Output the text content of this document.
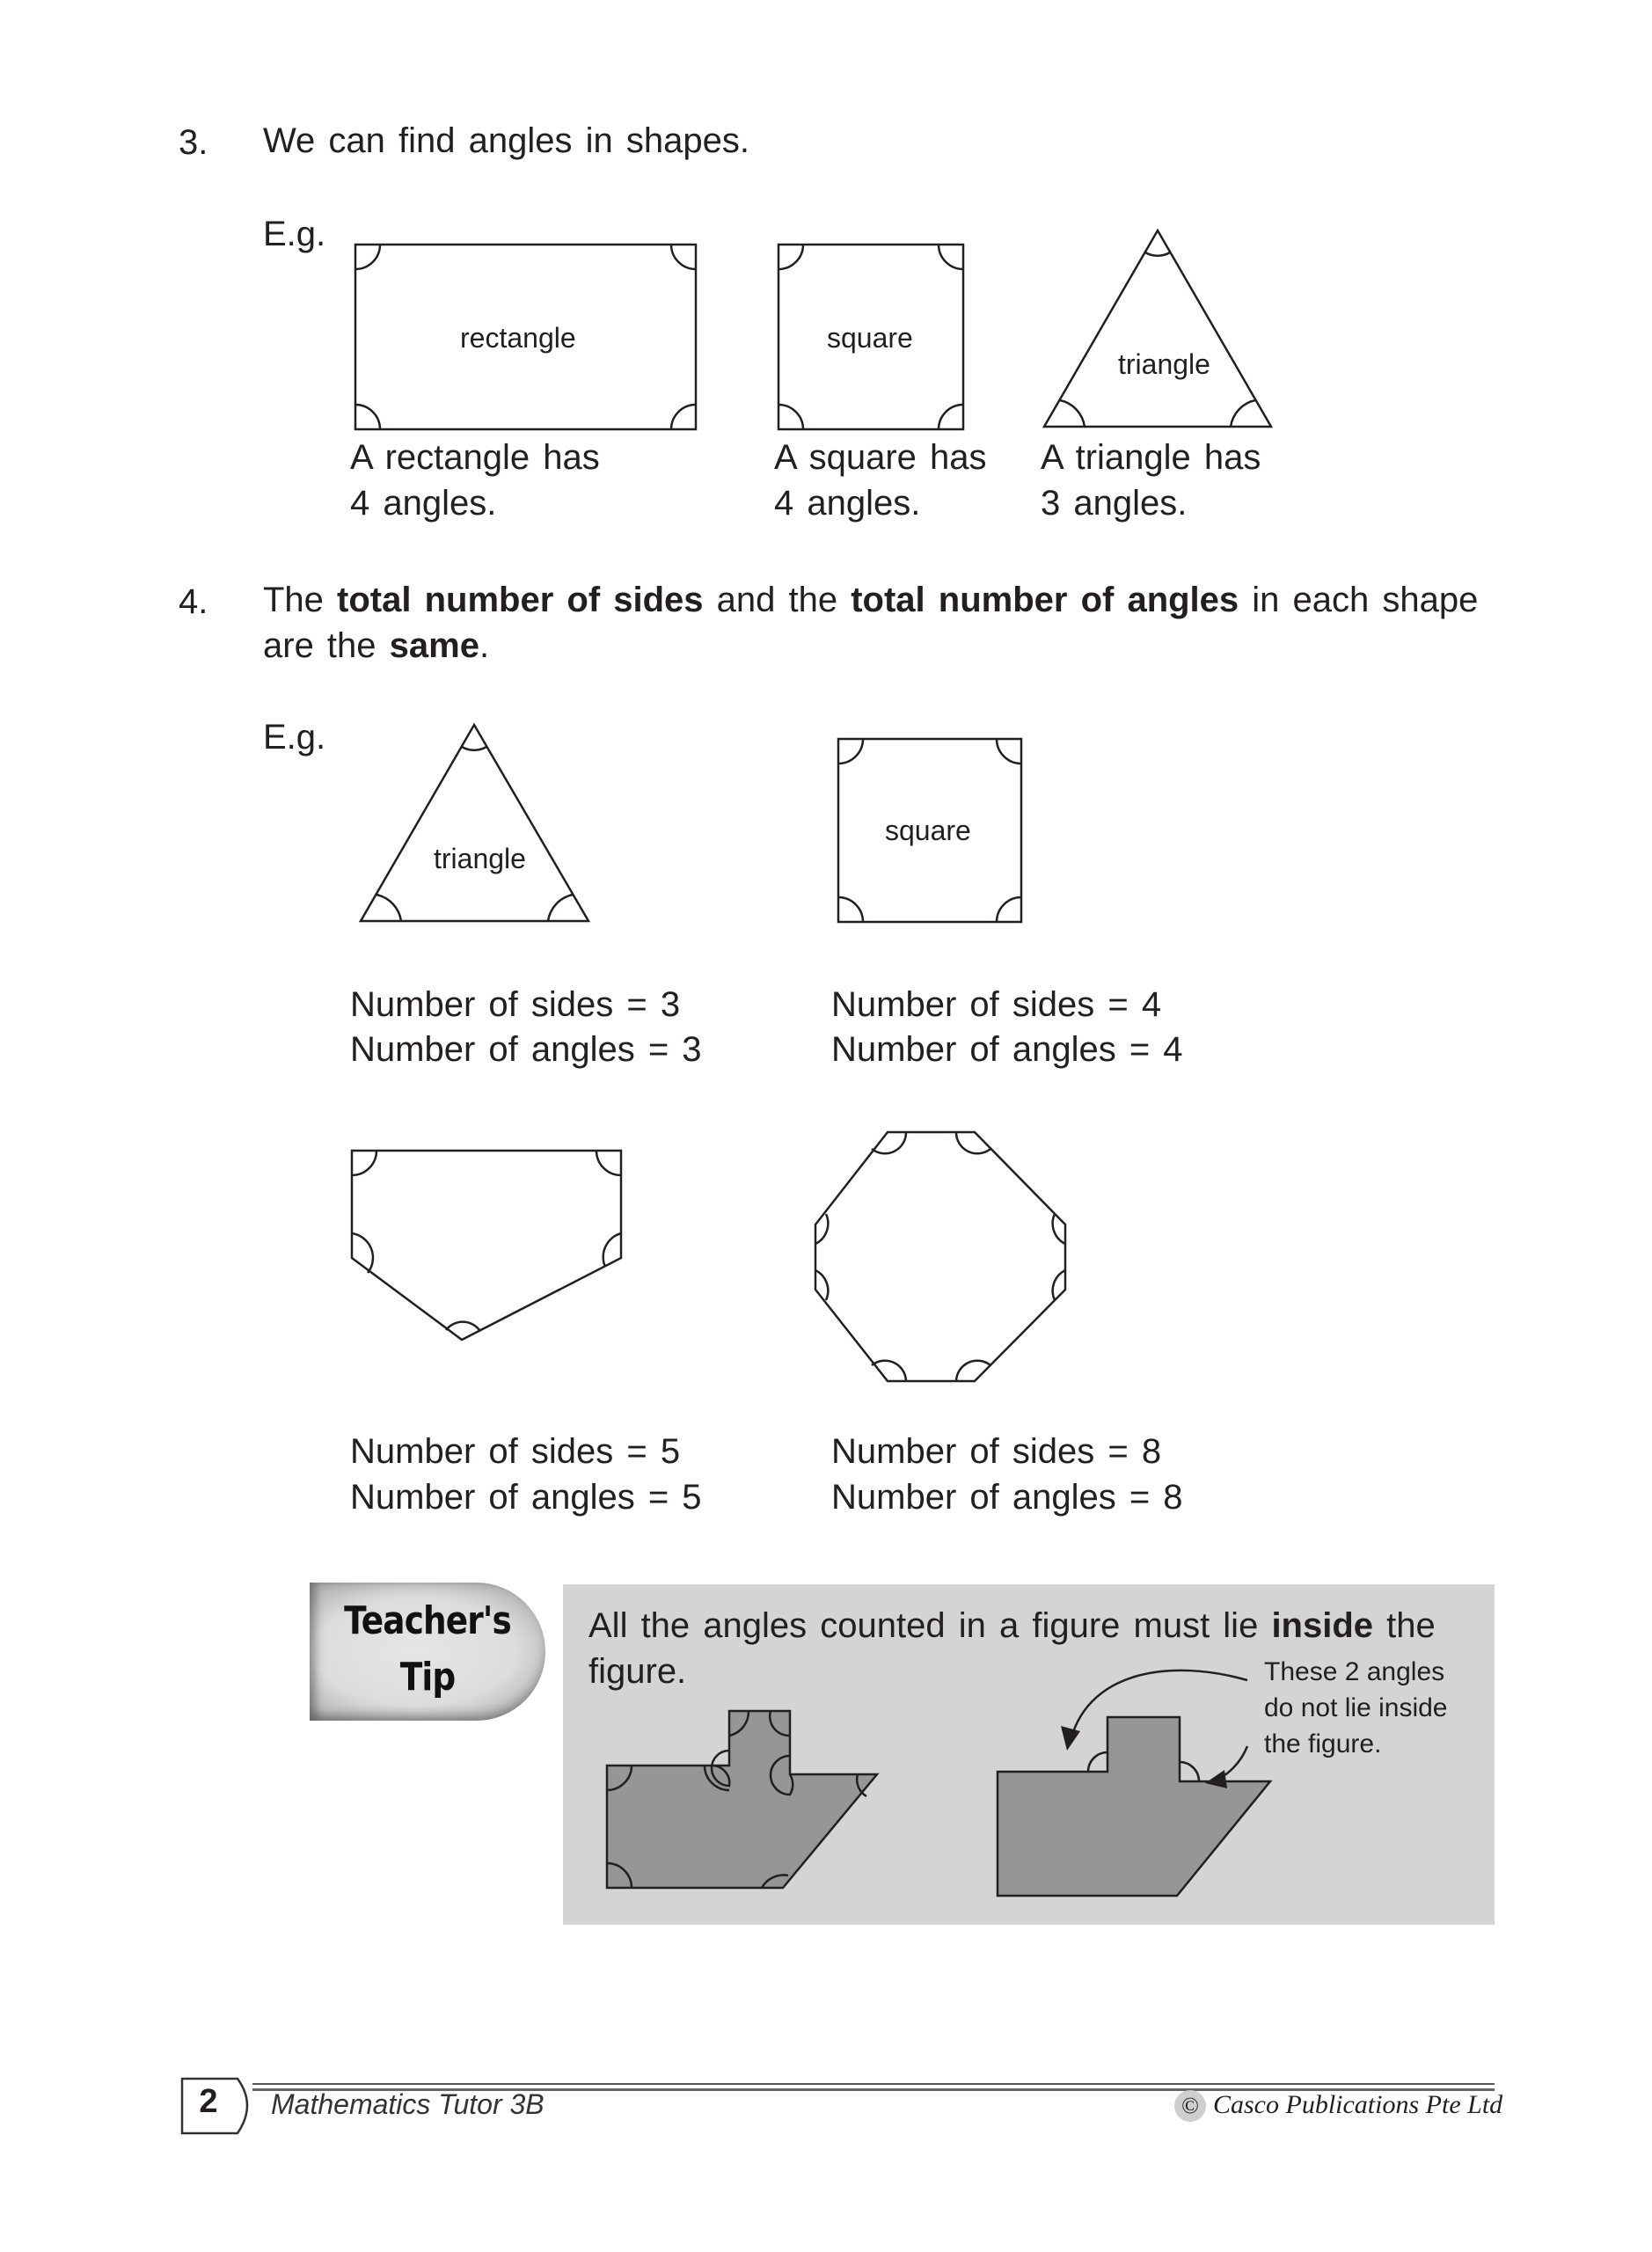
3. We can find angles in shapes.
E.g.
rectangle	square
triangle
A rectangle has
4 angles.
A square has
4 angles.
A triangle has
3 angles.
4. The total number of sides and the total number of angles in each shape
are the same.
E.g.
triangle
square
Number of sides = 3
Number of angles = 3
Number of sides = 4
Number of angles = 4
Number of sides = 5
Number of angles = 5
Number of sides = 8
Number of angles = 8
Teacher's
Tip
All the angles counted in a figure must lie inside the
figure.	These 2 angles
do not lie inside
the figure.
2	Mathematics Tutor 3B	© Casco Publications Pte Ltd
